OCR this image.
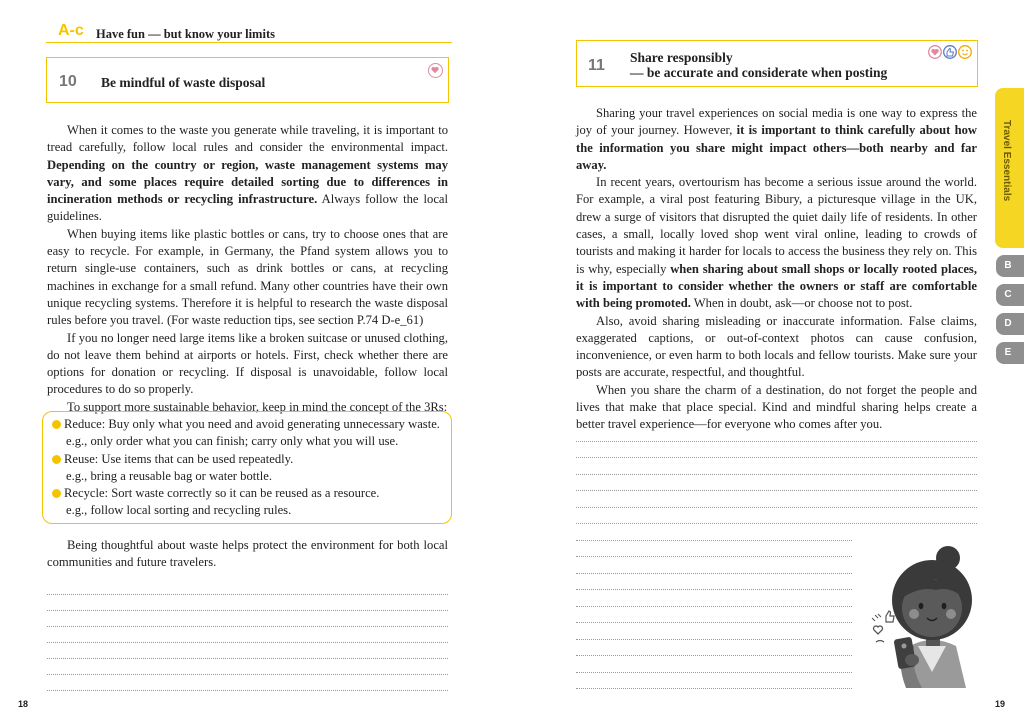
A-c Have fun — but know your limits
10 Be mindful of waste disposal

When it comes to the waste you generate while traveling, it is important to tread carefully, follow local rules and consider the environmental impact. Depending on the country or region, waste management systems may vary, and some places require detailed sorting due to differences in incineration methods or recycling infrastructure. Always follow the local guidelines.

When buying items like plastic bottles or cans, try to choose ones that are easy to recycle. For example, in Germany, the Pfand system allows you to return single-use containers, such as drink bottles or cans, at recycling machines in exchange for a small refund. Many other countries have their own unique recycling systems. Therefore it is helpful to research the waste disposal rules before you travel. (For waste reduction tips, see section P.74 D-e_61)

If you no longer need large items like a broken suitcase or unused clothing, do not leave them behind at airports or hotels. First, check whether there are options for donation or recycling. If disposal is unavoidable, follow local procedures to do so properly.

To support more sustainable behavior, keep in mind the concept of the 3Rs:

Reduce: Buy only what you need and avoid generating unnecessary waste.
e.g., only order what you can finish; carry only what you will use.
Reuse: Use items that can be used repeatedly.
e.g., bring a reusable bag or water bottle.
Recycle: Sort waste correctly so it can be reused as a resource.
e.g., follow local sorting and recycling rules.

Being thoughtful about waste helps protect the environment for both local communities and future travelers.

18
11 Share responsibly
— be accurate and considerate when posting

Sharing your travel experiences on social media is one way to express the joy of your journey. However, it is important to think carefully about how the information you share might impact others—both nearby and far away.

In recent years, overtourism has become a serious issue around the world. For example, a viral post featuring Bibury, a picturesque village in the UK, drew a surge of visitors that disrupted the quiet daily life of residents. In other cases, a small, locally loved shop went viral online, leading to crowds of tourists and making it harder for locals to access the business they rely on. This is why, especially when sharing about small shops or locally rooted places, it is important to consider whether the owners or staff are comfortable with being promoted. When in doubt, ask—or choose not to post.

Also, avoid sharing misleading or inaccurate information. False claims, exaggerated captions, or out-of-context photos can cause confusion, inconvenience, or even harm to both locals and fellow tourists. Make sure your posts are accurate, respectful, and thoughtful.

When you share the charm of a destination, do not forget the people and lives that make that place special. Kind and mindful sharing helps create a better travel experience—for everyone who comes after you.

Travel Essentials
B
C
D
E
19
